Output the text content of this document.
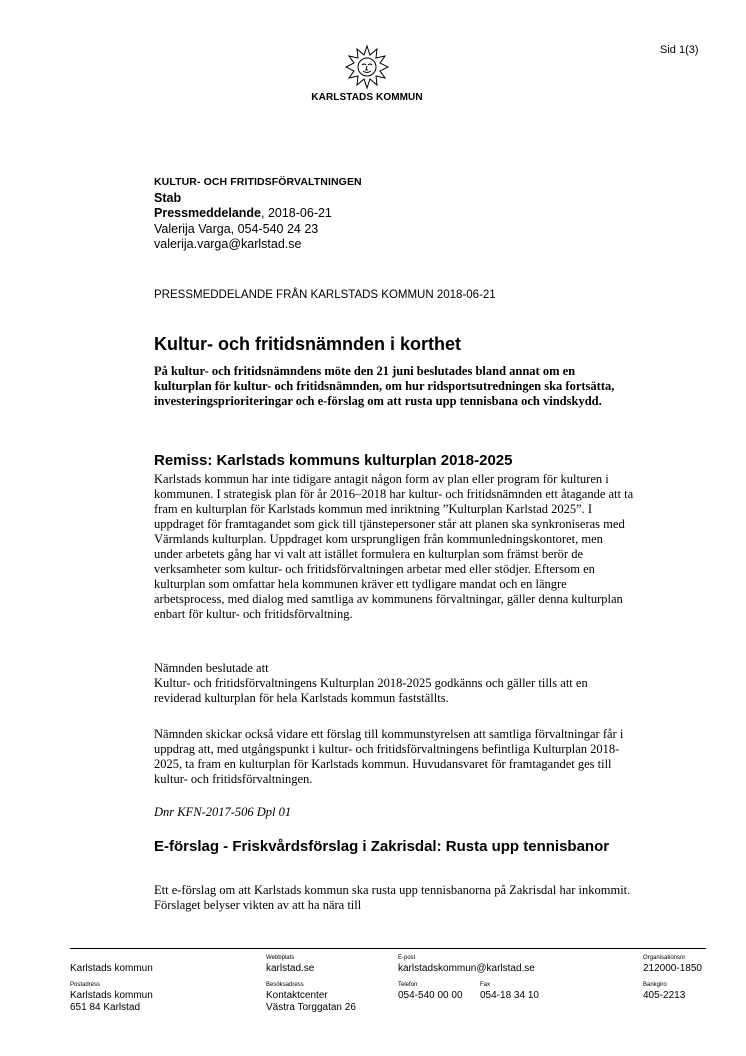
Sid 1(3)
KARLSTADS KOMMUN
KULTUR- OCH FRITIDSFÖRVALTNINGEN
Stab
Pressmeddelande, 2018-06-21
Valerija Varga, 054-540 24 23
valerija.varga@karlstad.se
PRESSMEDDELANDE FRÅN KARLSTADS KOMMUN 2018-06-21
Kultur- och fritidsnämnden i korthet
På kultur- och fritidsnämndens möte den 21 juni beslutades bland annat om en kulturplan för kultur- och fritidsnämnden, om hur ridsportsutredningen ska fortsätta, investeringsprioriteringar och e-förslag om att rusta upp tennisbana och vindskydd.
Remiss: Karlstads kommuns kulturplan 2018-2025
Karlstads kommun har inte tidigare antagit någon form av plan eller program för kulturen i kommunen. I strategisk plan för år 2016–2018 har kultur- och fritidsnämnden ett åtagande att ta fram en kulturplan för Karlstads kommun med inriktning ”Kulturplan Karlstad 2025”. I uppdraget för framtagandet som gick till tjänstepersoner står att planen ska synkroniseras med Värmlands kulturplan. Uppdraget kom ursprungligen från kommunledningskontoret, men under arbetets gång har vi valt att istället formulera en kulturplan som främst berör de verksamheter som kultur- och fritidsförvaltningen arbetar med eller stödjer. Eftersom en kulturplan som omfattar hela kommunen kräver ett tydligare mandat och en längre arbetsprocess, med dialog med samtliga av kommunens förvaltningar, gäller denna kulturplan enbart för kultur- och fritidsförvaltning.

Nämnden beslutade att

Kultur- och fritidsförvaltningens Kulturplan 2018-2025 godkänns och gäller tills att en reviderad kulturplan för hela Karlstads kommun fastställts.

Nämnden skickar också vidare ett förslag till kommunstyrelsen att samtliga förvaltningar får i uppdrag att, med utgångspunkt i kultur- och fritidsförvaltningens befintliga Kulturplan 2018-2025, ta fram en kulturplan för Karlstads kommun. Huvudansvaret för framtagandet ges till kultur- och fritidsförvaltningen.
Dnr KFN-2017-506 Dpl 01
E-förslag - Friskvårdsförslag i Zakrisdal: Rusta upp tennisbanor
Ett e-förslag om att Karlstads kommun ska rusta upp tennisbanorna på Zakrisdal har inkommit. Förslaget belyser vikten av att ha nära till
Karlstads kommun
Webbplats
karlstad.se
E-post
karlstadskommun@karlstad.se
Organisationsnr
212000-1850
Postadress
Karlstads kommun
651 84 Karlstad
Besöksadress
Kontaktcenter
Västra Torggatan 26
Telefon
054-540 00 00
Fax
054-18 34 10
Bankgiro
405-2213
